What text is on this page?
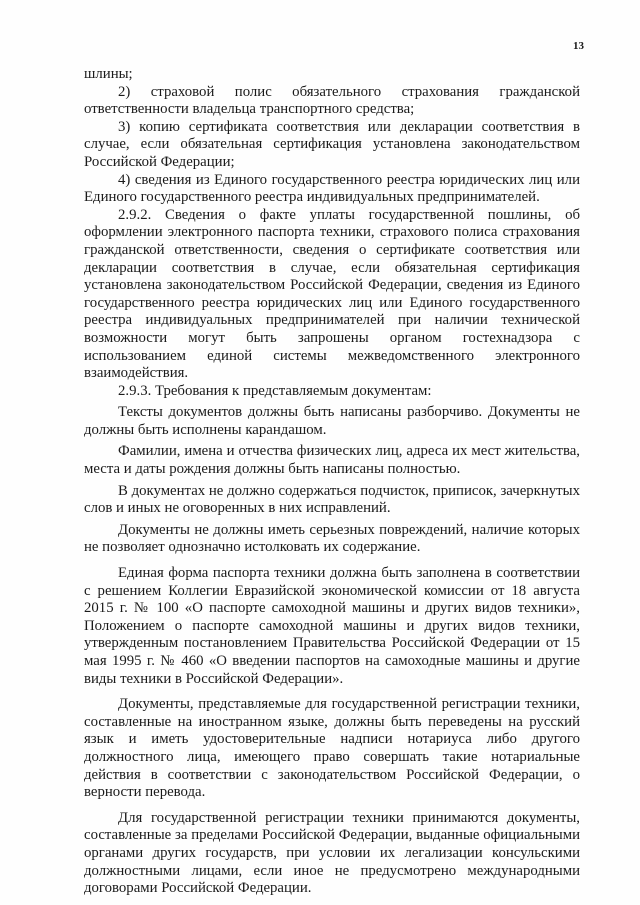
13

шлины;

2) страховой полис обязательного страхования гражданской ответственности владельца транспортного средства;

3) копию сертификата соответствия или декларации соответствия в случае, если обязательная сертификация установлена законодательством Российской Федерации;

4) сведения из Единого государственного реестра юридических лиц или Единого государственного реестра индивидуальных предпринимателей.

2.9.2. Сведения о факте уплаты государственной пошлины, об оформлении электронного паспорта техники, страхового полиса страхования гражданской ответственности, сведения о сертификате соответствия или декларации соответствия в случае, если обязательная сертификация установлена законодательством Российской Федерации, сведения из Единого государственного реестра юридических лиц или Единого государственного реестра индивидуальных предпринимателей при наличии технической возможности могут быть запрошены органом гостехнадзора с использованием единой системы межведомственного электронного взаимодействия.

2.9.3. Требования к представляемым документам:

Тексты документов должны быть написаны разборчиво. Документы не должны быть исполнены карандашом.

Фамилии, имена и отчества физических лиц, адреса их мест жительства, места и даты рождения должны быть написаны полностью.

В документах не должно содержаться подчисток, приписок, зачеркнутых слов и иных не оговоренных в них исправлений.

Документы не должны иметь серьезных повреждений, наличие которых не позволяет однозначно истолковать их содержание.

Единая форма паспорта техники должна быть заполнена в соответствии с решением Коллегии Евразийской экономической комиссии от 18 августа 2015 г. № 100 «О паспорте самоходной машины и других видов техники», Положением о паспорте самоходной машины и других видов техники, утвержденным постановлением Правительства Российской Федерации от 15 мая 1995 г. № 460 «О введении паспортов на самоходные машины и другие виды техники в Российской Федерации».

Документы, представляемые для государственной регистрации техники, составленные на иностранном языке, должны быть переведены на русский язык и иметь удостоверительные надписи нотариуса либо другого должностного лица, имеющего право совершать такие нотариальные действия в соответствии с законодательством Российской Федерации, о верности перевода.

Для государственной регистрации техники принимаются документы, составленные за пределами Российской Федерации, выданные официальными органами других государств, при условии их легализации консульскими должностными лицами, если иное не предусмотрено международными договорами Российской Федерации.
